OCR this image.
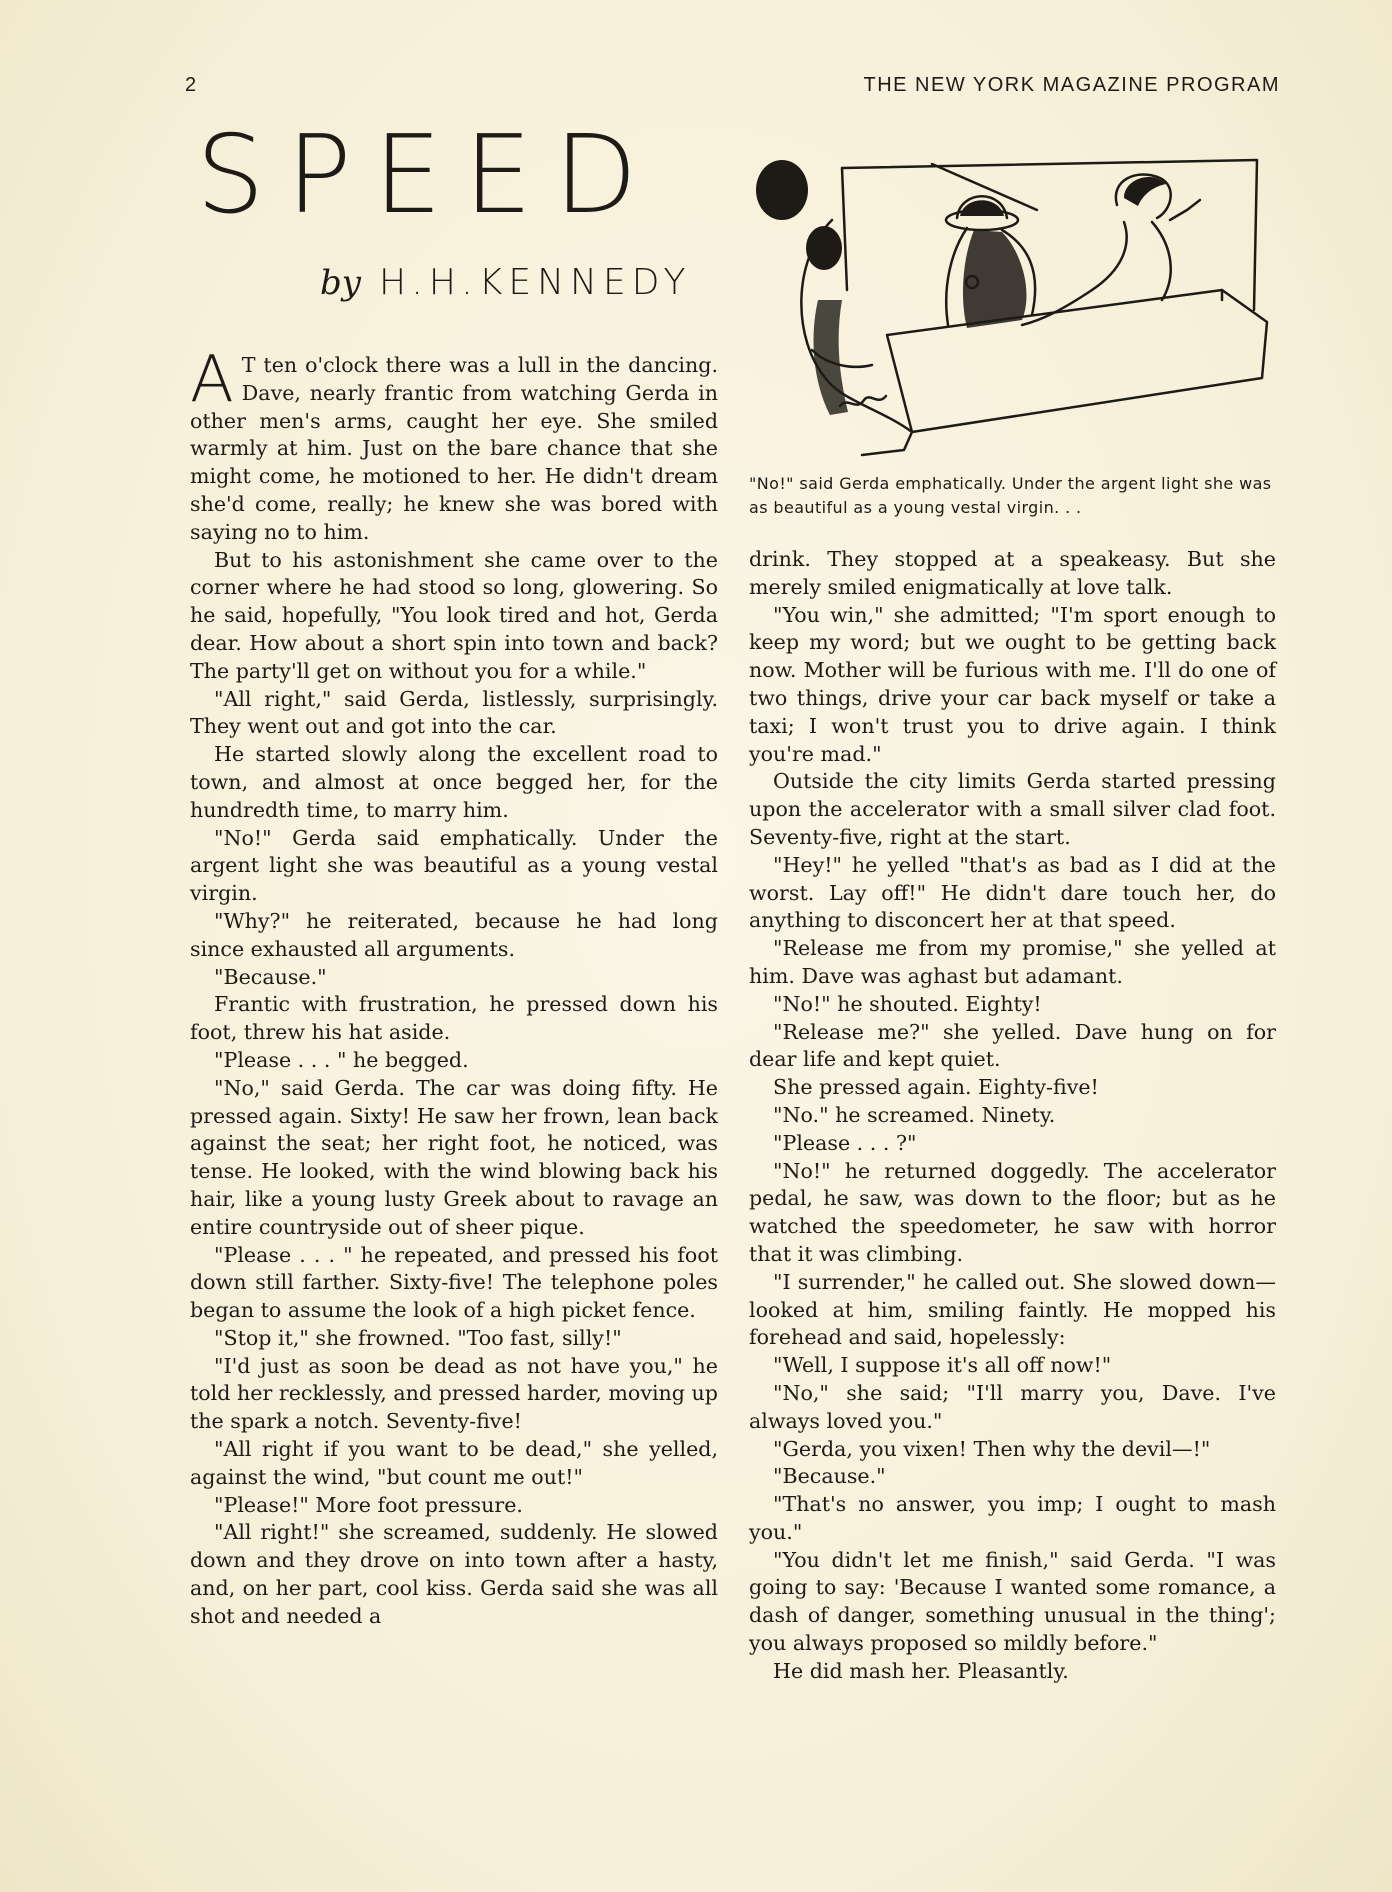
2	THE NEW YORK MAGAZINE PROGRAM
SPEED
by H.H.KENNEDY
"No!" said Gerda emphatically. Under the argent light she was as beautiful as a young vestal virgin. . .

A T ten o'clock there was a lull in the dancing. Dave, nearly frantic from watching Gerda in other men's arms, caught her eye. She smiled warmly at him. Just on the bare chance that she might come, he motioned to her. He didn't dream she'd come, really; he knew she was bored with saying no to him.

But to his astonishment she came over to the corner where he had stood so long, glowering. So he said, hopefully, "You look tired and hot, Gerda dear. How about a short spin into town and back? The party'll get on without you for a while."

"All right," said Gerda, listlessly, surprisingly. They went out and got into the car.

He started slowly along the excellent road to town, and almost at once begged her, for the hundredth time, to marry him.

"No!" Gerda said emphatically. Under the argent light she was beautiful as a young vestal virgin.

"Why?" he reiterated, because he had long since exhausted all arguments.

"Because."

Frantic with frustration, he pressed down his foot, threw his hat aside.

"Please . . . " he begged.

"No," said Gerda. The car was doing fifty. He pressed again. Sixty! He saw her frown, lean back against the seat; her right foot, he noticed, was tense. He looked, with the wind blowing back his hair, like a young lusty Greek about to ravage an entire countryside out of sheer pique.

"Please . . . " he repeated, and pressed his foot down still farther. Sixty-five! The telephone poles began to assume the look of a high picket fence.

"Stop it," she frowned. "Too fast, silly!"

"I'd just as soon be dead as not have you," he told her recklessly, and pressed harder, moving up the spark a notch. Seventy-five!

"All right if you want to be dead," she yelled, against the wind, "but count me out!"

"Please!" More foot pressure.

"All right!" she screamed, suddenly. He slowed down and they drove on into town after a hasty, and, on her part, cool kiss. Gerda said she was all shot and needed a

drink. They stopped at a speakeasy. But she merely smiled enigmatically at love talk.

"You win," she admitted; "I'm sport enough to keep my word; but we ought to be getting back now. Mother will be furious with me. I'll do one of two things, drive your car back myself or take a taxi; I won't trust you to drive again. I think you're mad."

Outside the city limits Gerda started pressing upon the accelerator with a small silver clad foot. Seventy-five, right at the start.

"Hey!" he yelled "that's as bad as I did at the worst. Lay off!" He didn't dare touch her, do anything to disconcert her at that speed.

"Release me from my promise," she yelled at him. Dave was aghast but adamant.

"No!" he shouted. Eighty!

"Release me?" she yelled. Dave hung on for dear life and kept quiet.

She pressed again. Eighty-five!

"No." he screamed. Ninety.

"Please . . . ?"

"No!" he returned doggedly. The accelerator pedal, he saw, was down to the floor; but as he watched the speedometer, he saw with horror that it was climbing.

"I surrender," he called out. She slowed down—looked at him, smiling faintly. He mopped his forehead and said, hopelessly:

"Well, I suppose it's all off now!"

"No," she said; "I'll marry you, Dave. I've always loved you."

"Gerda, you vixen! Then why the devil—!"

"Because."

"That's no answer, you imp; I ought to mash you."

"You didn't let me finish," said Gerda. "I was going to say: 'Because I wanted some romance, a dash of danger, something unusual in the thing'; you always proposed so mildly before."

He did mash her. Pleasantly.
